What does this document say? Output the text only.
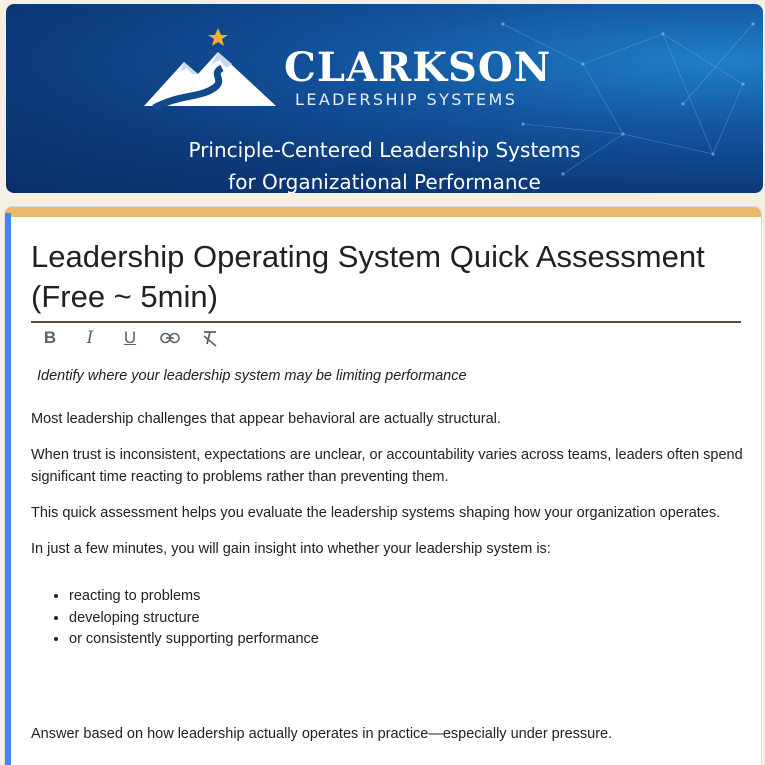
CLARKSON
LEADERSHIP SYSTEMS
Principle-Centered Leadership Systems
for Organizational Performance
Leadership Operating System Quick Assessment (Free ~ 5min)
B I U

Identify where your leadership system may be limiting performance

Most leadership challenges that appear behavioral are actually structural.

When trust is inconsistent, expectations are unclear, or accountability varies across teams, leaders often spend significant time reacting to problems rather than preventing them.

This quick assessment helps you evaluate the leadership systems shaping how your organization operates.

In just a few minutes, you will gain insight into whether your leadership system is:

• reacting to problems
• developing structure
• or consistently supporting performance

Answer based on how leadership actually operates in practice—especially under pressure.
